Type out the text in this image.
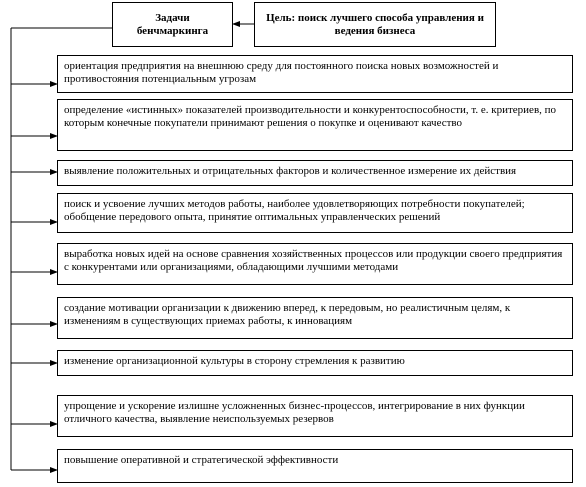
Задачи бенчмаркинга
Цель: поиск лучшего способа управления и ведения бизнеса
ориентация предприятия на внешнюю среду для постоянного поиска новых возможностей и противостояния потенциальным угрозам
определение «истинных» показателей производительности и конкурентоспособности, т. е. критериев, по которым конечные покупатели принимают решения о покупке и оценивают качество
выявление положительных и отрицательных факторов и количественное измерение их действия
поиск и усвоение лучших методов работы, наиболее удовлетворяющих потребности покупателей; обобщение передового опыта, принятие оптимальных управленческих решений
выработка новых идей на основе сравнения хозяйственных процессов или продукции своего предприятия с конкурентами или организациями, обладающими лучшими методами
создание мотивации организации к движению вперед, к передовым, но реалистичным целям, к изменениям в существующих приемах работы, к инновациям
изменение организационной культуры в сторону стремления к развитию
упрощение и ускорение излишне усложненных бизнес-процессов, интегрирование в них функции отличного качества, выявление неиспользуемых резервов
повышение оперативной и стратегической эффективности
